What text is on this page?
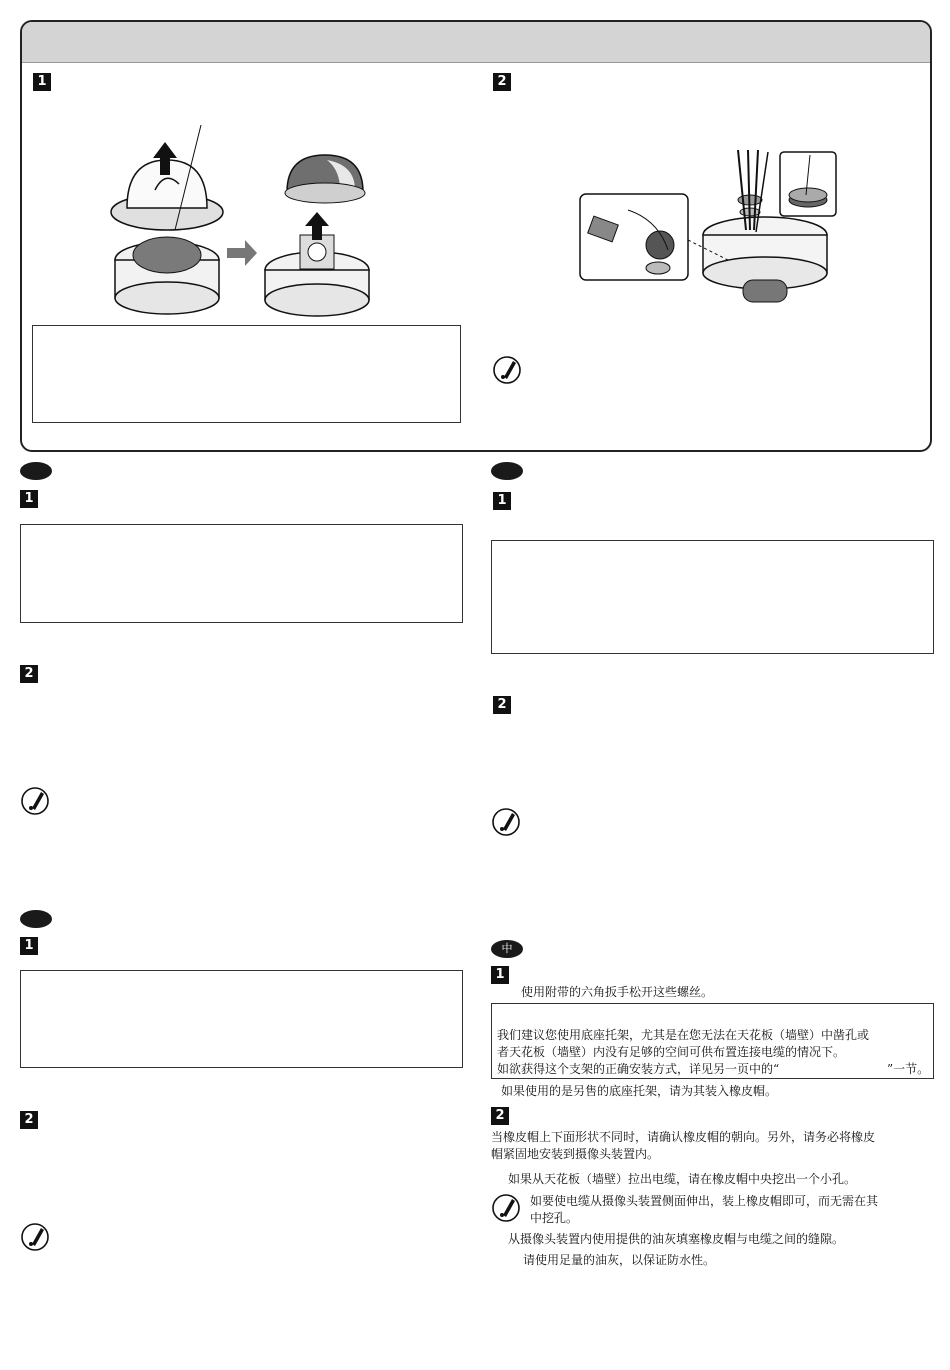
1	2
1
2
1
2
1
2
中
1
使用附带的六角扳手松开这些螺丝。
我们建议您使用底座托架，尤其是在您无法在天花板（墙壁）中凿孔或
者天花板（墙壁）内没有足够的空间可供布置连接电缆的情况下。
如欲获得这个支架的正确安装方式，详见另一页中的“	”一节。
如果使用的是另售的底座托架，请为其装入橡皮帽。
2
当橡皮帽上下面形状不同时，请确认橡皮帽的朝向。另外，请务必将橡皮
帽紧固地安装到摄像头装置内。
如果从天花板（墙壁）拉出电缆，请在橡皮帽中央挖出一个小孔。
如要使电缆从摄像头装置侧面伸出，装上橡皮帽即可，而无需在其
中挖孔。
从摄像头装置内使用提供的油灰填塞橡皮帽与电缆之间的缝隙。
请使用足量的油灰，以保证防水性。
